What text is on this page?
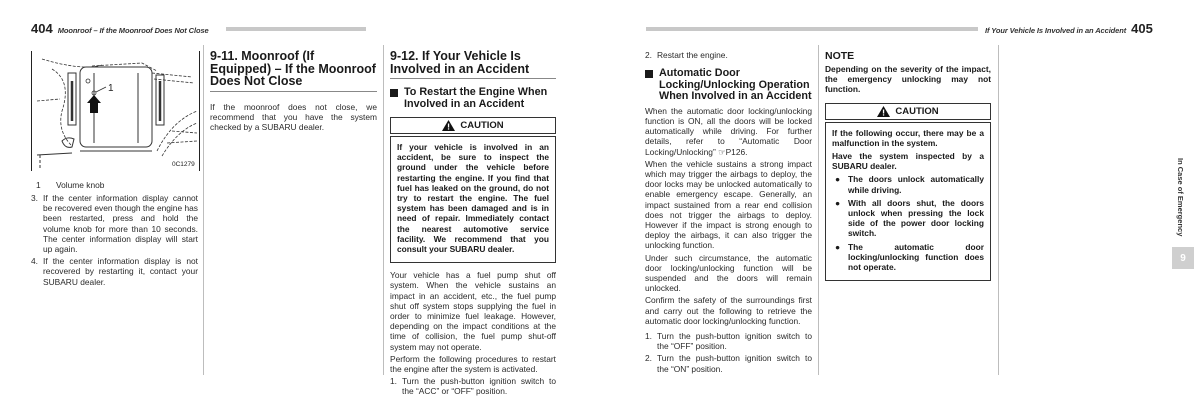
404 Moonroof – If the Moonroof Does Not Close
1
0C1279
1	Volume knob
3. If the center information display cannot be recovered even though the engine has been restarted, press and hold the volume knob for more than 10 seconds. The center information display will start up again.
4. If the center information display is not recovered by restarting it, contact your SUBARU dealer.
9-11. Moonroof (If Equipped) – If the Moonroof Does Not Close
If the moonroof does not close, we recommend that you have the system checked by a SUBARU dealer.
9-12. If Your Vehicle Is Involved in an Accident
To Restart the Engine When Involved in an Accident
CAUTION

If your vehicle is involved in an accident, be sure to inspect the ground under the vehicle before restarting the engine. If you find that fuel has leaked on the ground, do not try to restart the engine. The fuel system has been damaged and is in need of repair. Immediately contact the nearest automotive service facility. We recommend that you consult your SUBARU dealer.

Your vehicle has a fuel pump shut off system. When the vehicle sustains an impact in an accident, etc., the fuel pump shut off system stops supplying the fuel in order to minimize fuel leakage. However, depending on the impact conditions at the time of collision, the fuel pump shut-off system may not operate.

Perform the following procedures to restart the engine after the system is activated.

1. Turn the push-button ignition switch to the “ACC” or “OFF” position.
If Your Vehicle Is Involved in an Accident 405
2. Restart the engine.
Automatic Door Locking/Unlocking Operation When Involved in an Accident

When the automatic door locking/unlocking function is ON, all the doors will be locked automatically while driving. For further details, refer to “Automatic Door Locking/Unlocking” ☞P126.

When the vehicle sustains a strong impact which may trigger the airbags to deploy, the door locks may be unlocked automatically to enable emergency escape. Generally, an impact sustained from a rear end collision does not trigger the airbags to deploy. However if the impact is strong enough to deploy the airbags, it can also trigger the unlocking function.

Under such circumstance, the automatic door locking/unlocking function will be suspended and the doors will remain unlocked.

Confirm the safety of the surroundings first and carry out the following to retrieve the automatic door locking/unlocking function.

1. Turn the push-button ignition switch to the “OFF” position.
2. Turn the push-button ignition switch to the “ON” position.
NOTE
Depending on the severity of the impact, the emergency unlocking may not function.
CAUTION

If the following occur, there may be a malfunction in the system.

Have the system inspected by a SUBARU dealer.

● The doors unlock automatically while driving.
● With all doors shut, the doors unlock when pressing the lock side of the power door locking switch.
● The automatic door locking/unlocking function does not operate.
In Case of Emergency
9
